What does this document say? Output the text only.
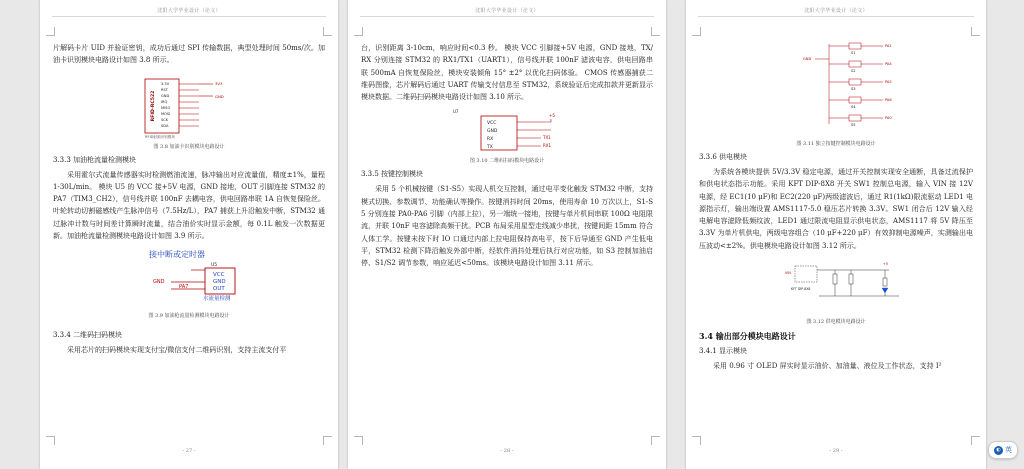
沈阳大学毕业设计（论文）

片解码卡片 UID 并验证密钥，成功后通过 SPI 传输数据，典型处理时间 50ms/次。加油卡识别模块电路设计如图 3.8 所示。

RFID-RC522
3.3V
RST
GND
IRQ
MISO
MOSI
SCK
SDA
3V3
GND
RFID射频识别模块
图 3.8 加油卡识别模块电路设计
3.3.3 加油枪流量检测模块

采用霍尔式流量传感器实时检测燃油流速，脉冲输出对应流量值，精度±1%，量程 1-30L/min。 模块 U5 的 VCC 接+5V 电源，GND 接地，OUT 引脚连接 STM32 的 PA7（TIM3_CH2），信号线并联 100nF 去耦电容，供电回路串联 1A 自恢复保险丝。叶轮转动切割磁感线产生脉冲信号（7.5Hz/L），PA7 捕获上升沿触发中断，STM32 通过脉冲计数与时间差计算瞬时流量，结合油价实时显示金额，每 0.1L 触发一次数据更新。加油枪流量检测模块电路设计如图 3.9 所示。

接中断或定时器
U5
VCC
GND
OUT
GND
PA7
水流量检测
图 3.9 加油枪流量检测模块电路设计
3.3.4 二维码扫码模块

采用芯片的扫码模块实现支付宝/微信支付二维码识别，支持主流支付平

- 27 -
沈阳大学毕业设计（论文）

台，识别距离 3-10cm，响应时间<0.3 秒。 模块 VCC 引脚接+5V 电源，GND 接地，TX/RX 分别连接 STM32 的 RX1/TX1（UART1），信号线并联 100nF 滤波电容，供电回路串联 500mA 自恢复保险丝，模块安装倾角 15° ±2° 以优化扫码体验。 CMOS 传感器捕获二维码图像，芯片解码后通过 UART 传输支付信息至 STM32，系统验证后完成扣款并更新显示模块数据。二维码扫码模块电路设计如图 3.10 所示。

U7
VCC
GND
RX
TX
+5
TX1
RX1
图 3.10 二维码扫码模块电路设计
3.3.5 按键控制模块

采用 5 个机械按键（S1-S5）实现人机交互控制，通过电平变化触发 STM32 中断，支持模式切换、参数调节、功能确认等操作。按键消抖时间 20ms，使用寿命 10 万次以上，S1-S5 分别连接 PA0-PA6 引脚（内部上拉），另一端统一接地，按键与单片机间串联 100Ω 电阻限流，并联 10nF 电容滤除高频干扰。PCB 布局采用星型走线减少串扰，按键间距 15mm 符合人体工学。按键未按下时 IO 口通过内部上拉电阻保持高电平，按下后导通至 GND 产生低电平，STM32 检测下降沿触发外部中断，经软件消抖处理后执行对应功能，如 S3 控制加油启停、S1/S2 调节参数，响应延迟<50ms。该模块电路设计如图 3.11 所示。

- 28 -
沈阳大学毕业设计（论文）
GND
S1
PA1
S2
PA4
S3
PA5
S4
PA6
S5
PA0
图 3.11 独立按键控制模块电路设计
3.3.6 供电模块

为系统各模块提供 5V/3.3V 稳定电源，通过开关控制实现安全通断，具备过流保护和供电状态指示功能。采用 KFT DIP-8X8 开关 SW1 控制总电源，输入 VIN 接 12V 电源，经 EC1(10 μF)和 EC2(220 μF)两级滤波后，通过 R1(1kΩ)限流驱动 LED1 电源指示灯，输出端设置 AMS1117-5.0 稳压芯片转换 3.3V。SW1 闭合后 12V 输入经电解电容滤除低频纹波，LED1 通过限流电阻显示供电状态，AMS1117 将 5V 降压至 3.3V 为单片机供电，两级电容组合（10 μF+220 μF）有效抑制电源噪声，实测输出电压波动<±2%。供电模块电路设计如图 3.12 所示。

KFT DIP-8X8
VIN
+5
图 3.12 供电模块电路设计
3.4 输出部分模块电路设计
3.4.1 显示模块

采用 0.96 寸 OLED 屏实时显示油价、加油量、液位及工作状态，支持 I²

- 29 -	◐ 英
